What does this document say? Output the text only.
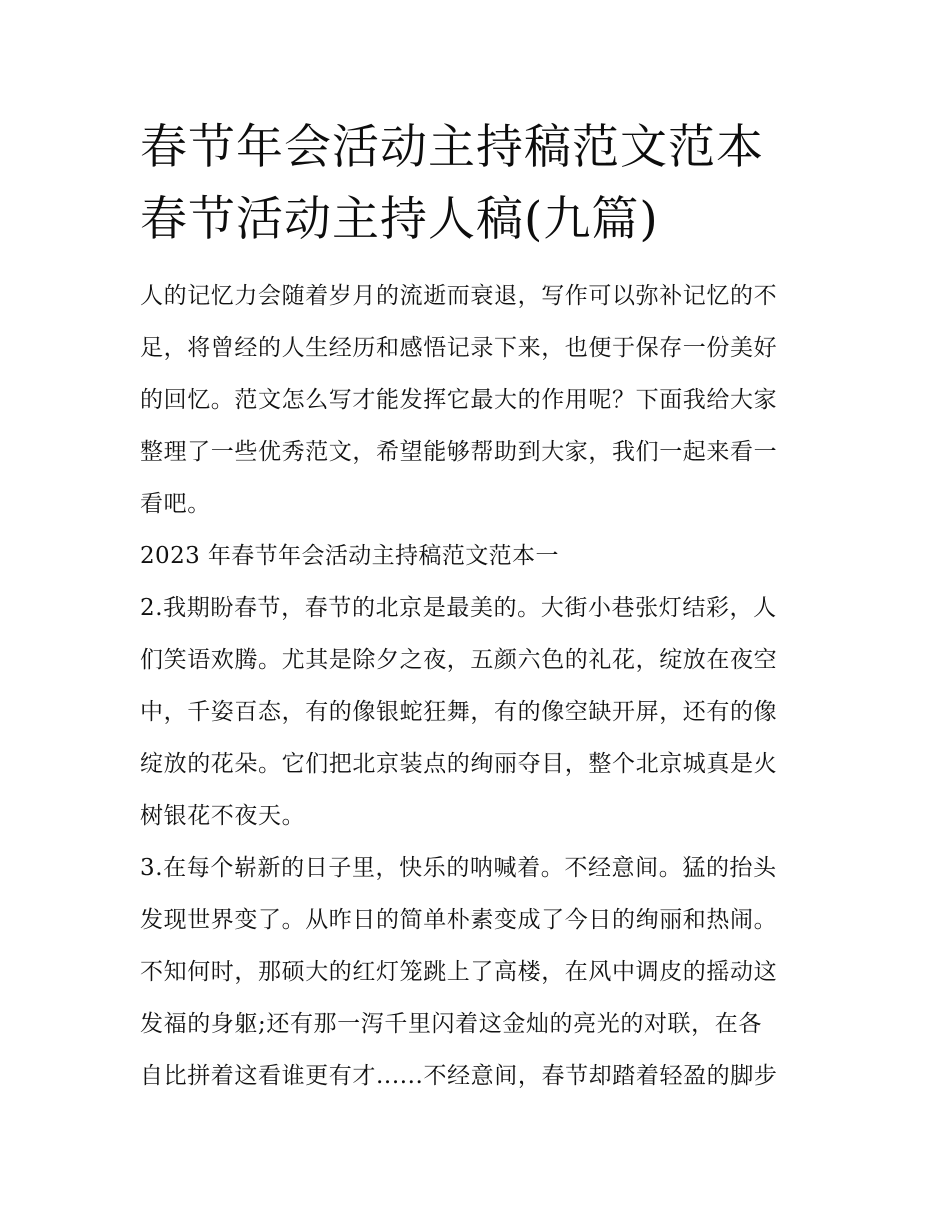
春节年会活动主持稿范文范本
春节活动主持人稿(九篇)

人的记忆力会随着岁月的流逝而衰退，写作可以弥补记忆的不
足，将曾经的人生经历和感悟记录下来，也便于保存一份美好
的回忆。范文怎么写才能发挥它最大的作用呢？下面我给大家
整理了一些优秀范文，希望能够帮助到大家，我们一起来看一
看吧。

2023 年春节年会活动主持稿范文范本一

2.我期盼春节，春节的北京是最美的。大街小巷张灯结彩，人
们笑语欢腾。尤其是除夕之夜，五颜六色的礼花，绽放在夜空
中，千姿百态，有的像银蛇狂舞，有的像空缺开屏，还有的像
绽放的花朵。它们把北京装点的绚丽夺目，整个北京城真是火
树银花不夜天。

3.在每个崭新的日子里，快乐的呐喊着。不经意间。猛的抬头
发现世界变了。从昨日的简单朴素变成了今日的绚丽和热闹。
不知何时，那硕大的红灯笼跳上了高楼，在风中调皮的摇动这
发福的身躯;还有那一泻千里闪着这金灿的亮光的对联，在各
自比拼着这看谁更有才......不经意间，春节却踏着轻盈的脚步
